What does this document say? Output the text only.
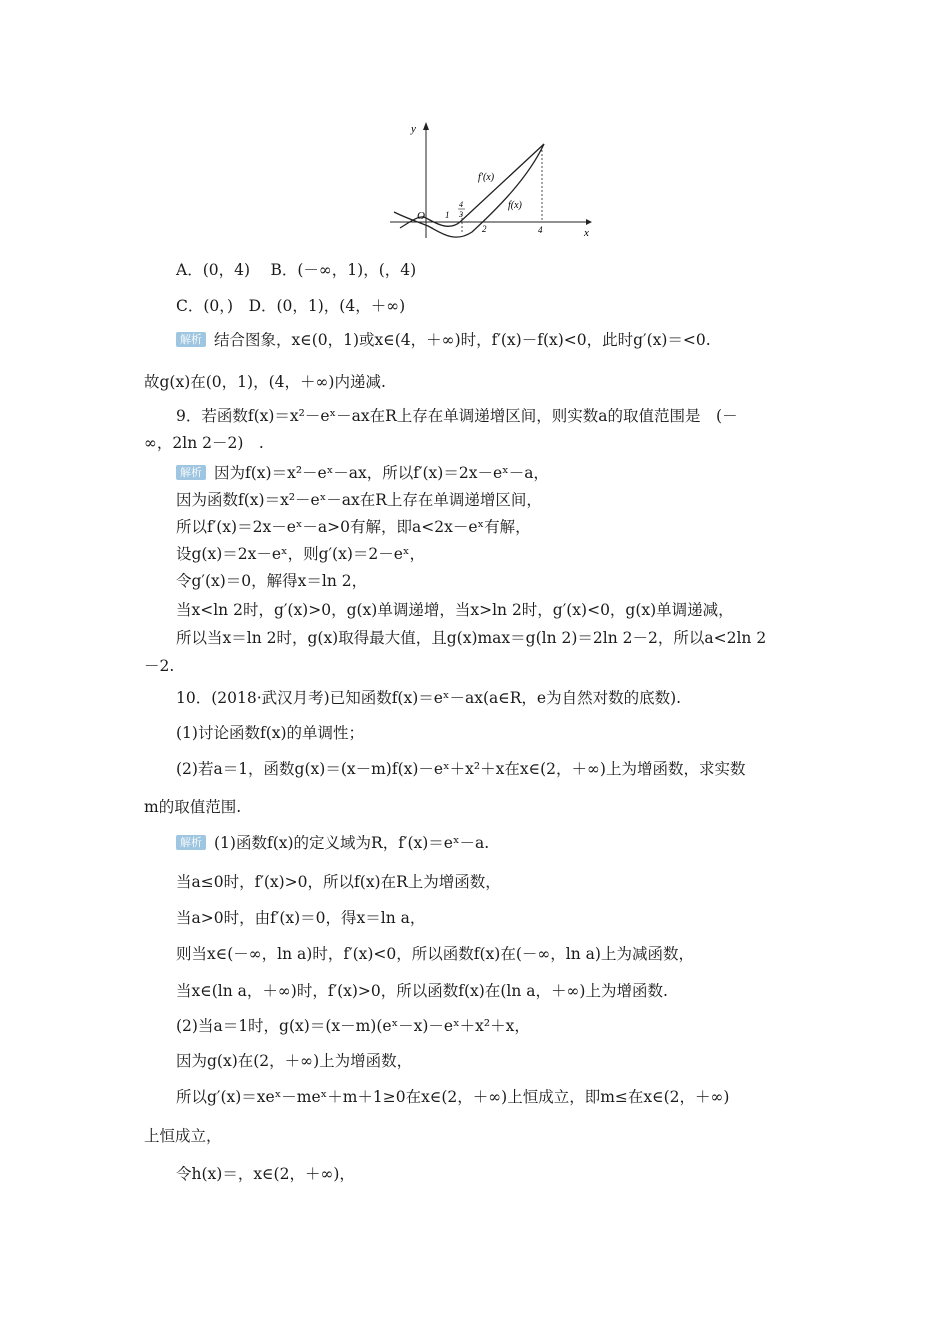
y
x
O
f′(x)
f(x)
1
4
3
2	4
A．(0，4)　 B．(－∞，1)，(，4)
C．(0，)　D．(0，1)，(4，＋∞)
解析 结合图象，x∈(0，1)或x∈(4，＋∞)时，f′(x)－f(x)<0，此时g′(x)＝<0.
故g(x)在(0，1)，(4，＋∞)内递减.
9．若函数f(x)＝x²－eˣ－ax在R上存在单调递增区间，则实数a的取值范围是　(－
∞，2ln 2－2)　.
解析 因为f(x)＝x²－eˣ－ax，所以f′(x)＝2x－eˣ－a，
因为函数f(x)＝x²－eˣ－ax在R上存在单调递增区间，
所以f′(x)＝2x－eˣ－a>0有解，即a<2x－eˣ有解，
设g(x)＝2x－eˣ，则g′(x)＝2－eˣ，
令g′(x)＝0，解得x＝ln 2，
当x<ln 2时，g′(x)>0，g(x)单调递增，当x>ln 2时，g′(x)<0，g(x)单调递减，
所以当x＝ln 2时，g(x)取得最大值，且g(x)max＝g(ln 2)＝2ln 2－2，所以a<2ln 2
－2.
10．(2018·武汉月考)已知函数f(x)＝eˣ－ax(a∈R，e为自然对数的底数).
(1)讨论函数f(x)的单调性；
(2)若a＝1，函数g(x)＝(x－m)f(x)－eˣ＋x²＋x在x∈(2，＋∞)上为增函数，求实数
m的取值范围.
解析 (1)函数f(x)的定义域为R，f′(x)＝eˣ－a.
当a≤0时，f′(x)>0，所以f(x)在R上为增函数，
当a>0时，由f′(x)＝0，得x＝ln a，
则当x∈(－∞，ln a)时，f′(x)<0，所以函数f(x)在(－∞，ln a)上为减函数，
当x∈(ln a，＋∞)时，f′(x)>0，所以函数f(x)在(ln a，＋∞)上为增函数.
(2)当a＝1时，g(x)＝(x－m)(eˣ－x)－eˣ＋x²＋x，
因为g(x)在(2，＋∞)上为增函数，
所以g′(x)＝xeˣ－meˣ＋m＋1≥0在x∈(2，＋∞)上恒成立，即m≤在x∈(2，＋∞)
上恒成立，
令h(x)＝，x∈(2，＋∞)，
